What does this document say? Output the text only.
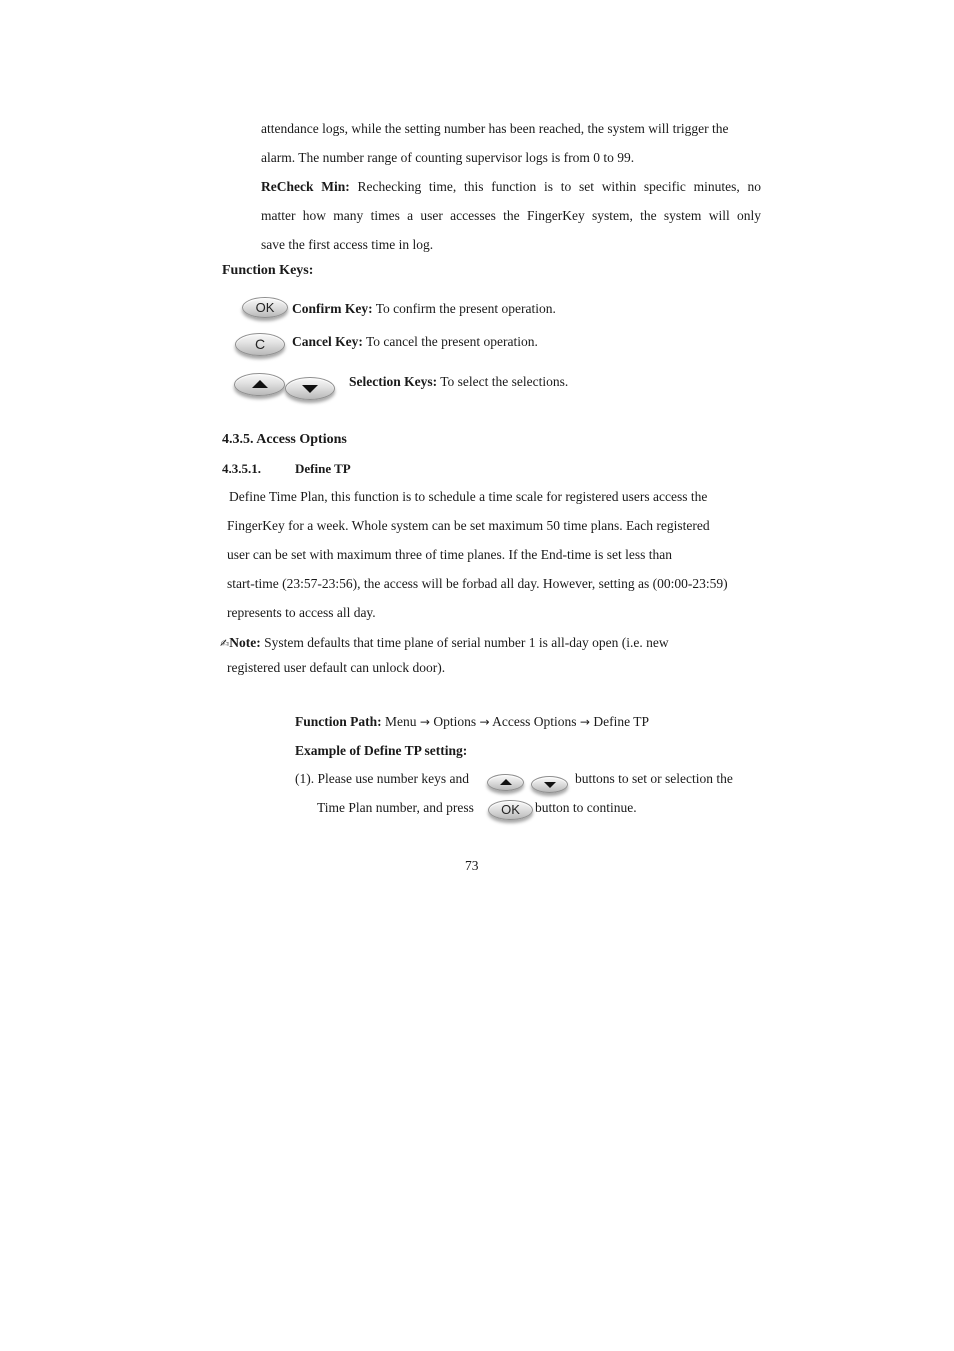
attendance logs, while the setting number has been reached, the system will trigger the
alarm. The number range of counting supervisor logs is from 0 to 99.
ReCheck Min: Rechecking time, this function is to set within specific minutes, no
matter how many times a user accesses the FingerKey system, the system will only
save the first access time in log.
Function Keys:
OK	Confirm Key: To confirm the present operation.
C	Cancel Key: To cancel the present operation.
Selection Keys: To select the selections.
4.3.5. Access Options
4.3.5.1.	Define TP
Define Time Plan, this function is to schedule a time scale for registered users access the
FingerKey for a week. Whole system can be set maximum 50 time plans. Each registered
user can be set with maximum three of time planes. If the End-time is set less than
start-time (23:57-23:56), the access will be forbad all day. However, setting as (00:00-23:59)
represents to access all day.
✍Note: System defaults that time plane of serial number 1 is all-day open (i.e. new
registered user default can unlock door).
Function Path: Menu → Options → Access Options → Define TP
Example of Define TP setting:
(1). Please use number keys and	buttons to set or selection the
Time Plan number, and press	OK	button to continue.
73
